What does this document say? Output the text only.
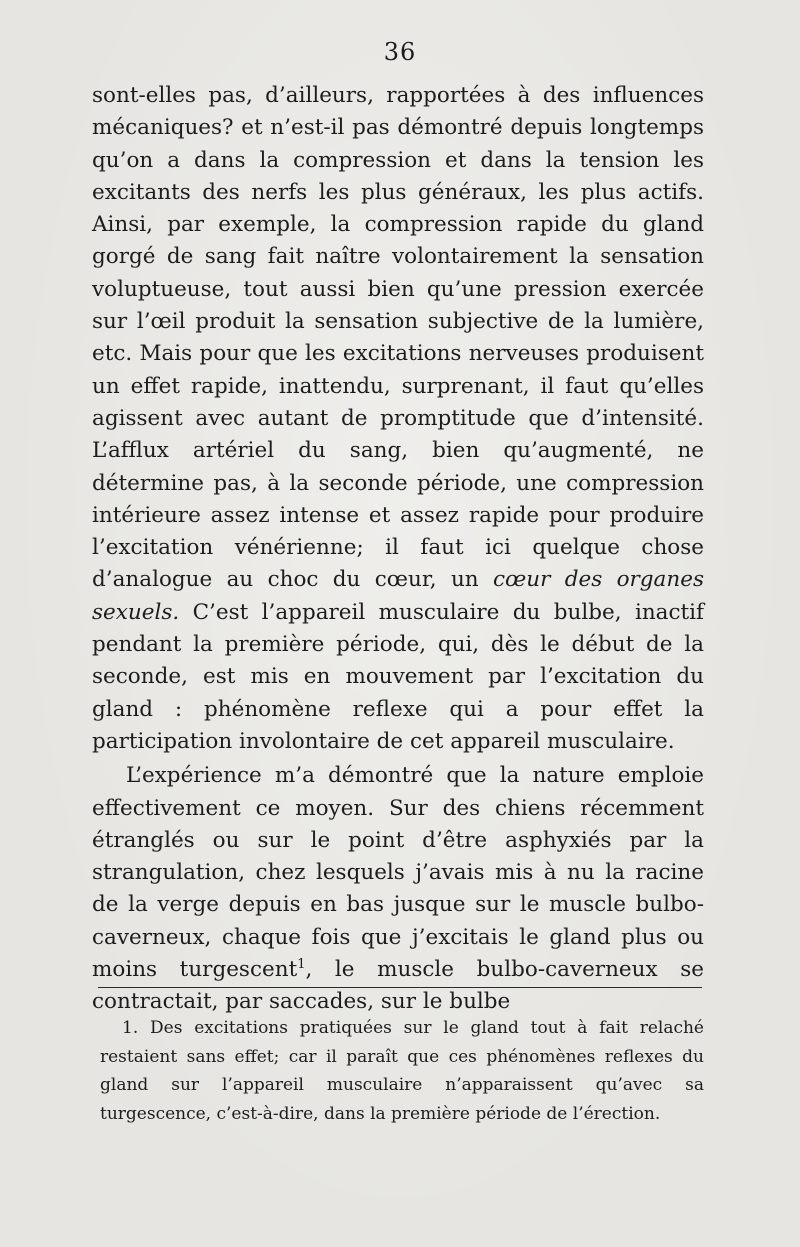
36

sont-elles pas, d’ailleurs, rapportées à des influences mécaniques? et n’est-il pas démontré depuis longtemps qu’on a dans la compression et dans la tension les excitants des nerfs les plus généraux, les plus actifs. Ainsi, par exemple, la compression rapide du gland gorgé de sang fait naître volontairement la sensation voluptueuse, tout aussi bien qu’une pression exercée sur l’œil produit la sensation subjective de la lumière, etc. Mais pour que les excitations nerveuses produisent un effet rapide, inattendu, surprenant, il faut qu’elles agissent avec autant de promptitude que d’intensité. L’afflux artériel du sang, bien qu’augmenté, ne détermine pas, à la seconde période, une compression intérieure assez intense et assez rapide pour produire l’excitation vénérienne; il faut ici quelque chose d’analogue au choc du cœur, un cœur des organes sexuels. C’est l’appareil musculaire du bulbe, inactif pendant la première période, qui, dès le début de la seconde, est mis en mouvement par l’excitation du gland : phénomène reflexe qui a pour effet la participation involontaire de cet appareil musculaire.

L’expérience m’a démontré que la nature emploie effectivement ce moyen. Sur des chiens récemment étranglés ou sur le point d’être asphyxiés par la strangulation, chez lesquels j’avais mis à nu la racine de la verge depuis en bas jusque sur le muscle bulbo-caverneux, chaque fois que j’excitais le gland plus ou moins turgescent$^1$, le muscle bulbo-caverneux se contractait, par saccades, sur le bulbe

1. Des excitations pratiquées sur le gland tout à fait relaché restaient sans effet; car il paraît que ces phénomènes reflexes du gland sur l’appareil musculaire n’apparaissent qu’avec sa turgescence, c’est-à-dire, dans la première période de l’érection.
